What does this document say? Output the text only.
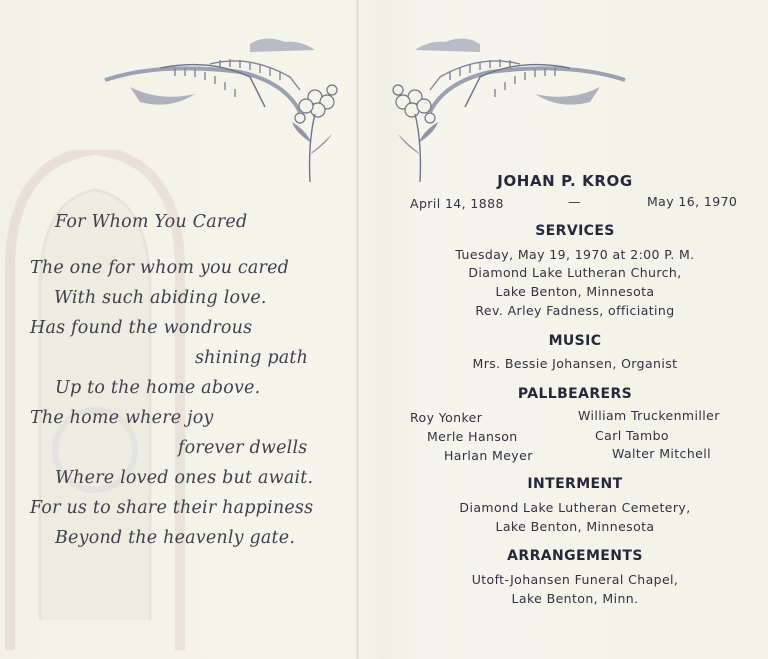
For Whom You Cared
The one for whom you cared
With such abiding love.
Has found the wondrous
shining path
Up to the home above.
The home where joy
forever dwells
Where loved ones but await.
For us to share their happiness
Beyond the heavenly gate.
JOHAN P. KROG
April 14, 1888	—	May 16, 1970
SERVICES
Tuesday, May 19, 1970 at 2:00 P. M.
Diamond Lake Lutheran Church,
Lake Benton, Minnesota
Rev. Arley Fadness, officiating
MUSIC
Mrs. Bessie Johansen, Organist
PALLBEARERS
Roy Yonker	William Truckenmiller
Merle Hanson	Carl Tambo
Harlan Meyer	Walter Mitchell
INTERMENT
Diamond Lake Lutheran Cemetery,
Lake Benton, Minnesota
ARRANGEMENTS
Utoft-Johansen Funeral Chapel,
Lake Benton, Minn.
